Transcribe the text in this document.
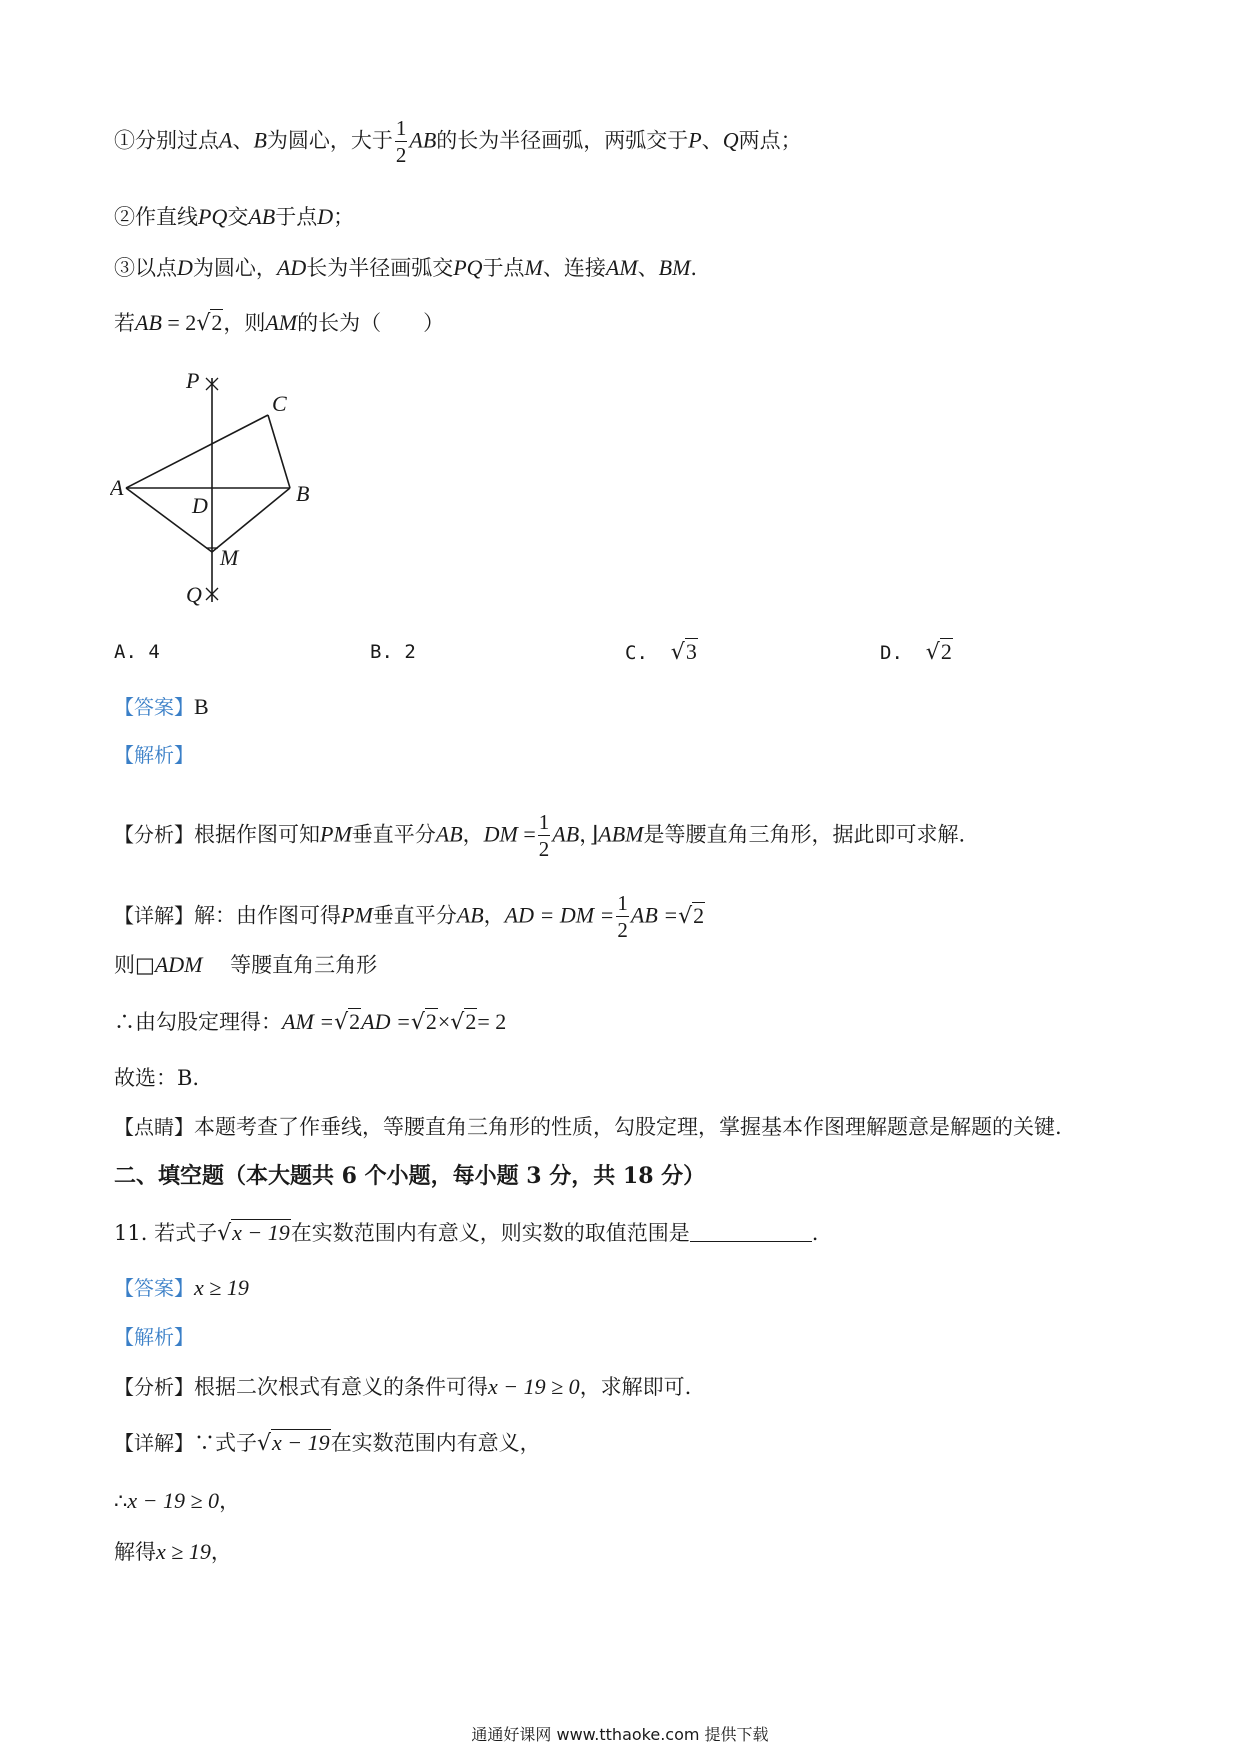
①分别过点A、B为圆心，大于 $\frac{1}{2}$ AB的长为半径画弧，两弧交于P、Q两点；
②作直线PQ交AB于点D；
③以点D为圆心，AD长为半径画弧交PQ于点M、连接AM、BM.
若AB = 2√2，则AM的长为（　　）
P
C
A
D	B
M
Q
A. 4	B. 2	C. √3	D. √2
【答案】B
【解析】
【分析】根据作图可知PM垂直平分AB，DM = $\frac{1}{2}$ AB，⌋ABM是等腰直角三角形，据此即可求解.
【详解】解：由作图可得PM垂直平分AB，AD = DM = $\frac{1}{2}$ AB =√2
则□ADM　 等腰直角三角形
∴由勾股定理得：AM =√2AD =√2×√2= 2
故选：B.
【点睛】本题考查了作垂线，等腰直角三角形的性质，勾股定理，掌握基本作图理解题意是解题的关键.
二、填空题（本大题共 6 个小题，每小题 3 分，共 18 分）
11. 若式子√x − 19在实数范围内有意义，则实数的取值范围是	.
【答案】x ≥ 19
【解析】
【分析】根据二次根式有意义的条件可得x − 19 ≥ 0，求解即可.
【详解】∵式子√x − 19在实数范围内有意义，
∴x − 19 ≥ 0，
解得x ≥ 19，
通通好课网 www.tthaoke.com 提供下载
